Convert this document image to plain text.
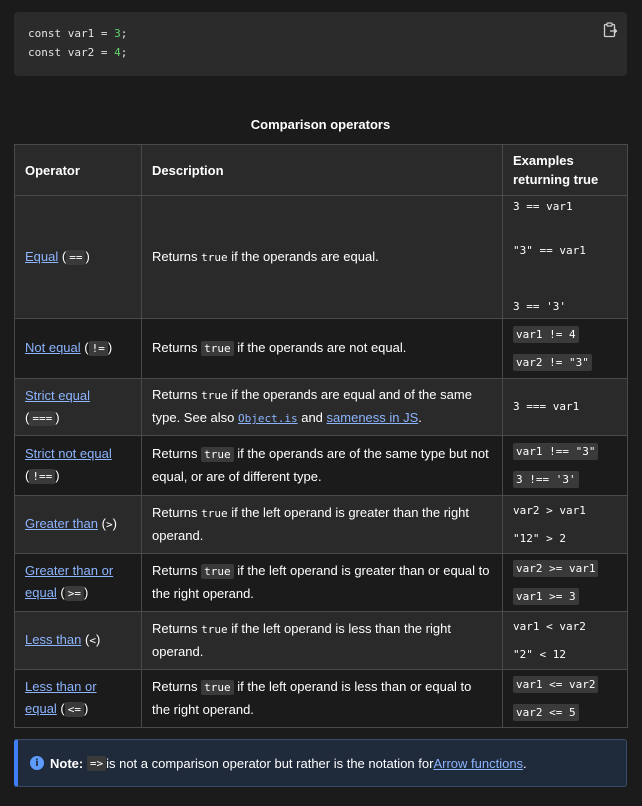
const var1 = 3;
const var2 = 4;
Comparison operators
Operator	Description	Examples
returning true
Equal ( == )	Returns true if the operands are equal.	3 == var1
"3" == var1
3 == '3'

Not equal ( != )	Returns true if the operands are not equal.	var1 != 4
var2 != "3"

Strict equal
( === )	Returns true if the operands are equal and of the same type. See also Object.is and sameness in JS.	3 === var1

Strict not equal
( !== )	Returns true if the operands are of the same type but not equal, or are of different type.	var1 !== "3"
3 !== '3'

Greater than (>)	Returns true if the left operand is greater than the right operand.	var2 > var1
"12" > 2

Greater than or equal ( >= )	Returns true if the left operand is greater than or equal to the right operand.	var2 >= var1
var1 >= 3

Less than (<)	Returns true if the left operand is less than the right operand.	var1 < var2
"2" < 12

Less than or equal ( <= )	Returns true if the left operand is less than or equal to the right operand.	var1 <= var2
var2 <= 5
i Note:
=> is not a comparison operator but rather is the notation for Arrow functions .
